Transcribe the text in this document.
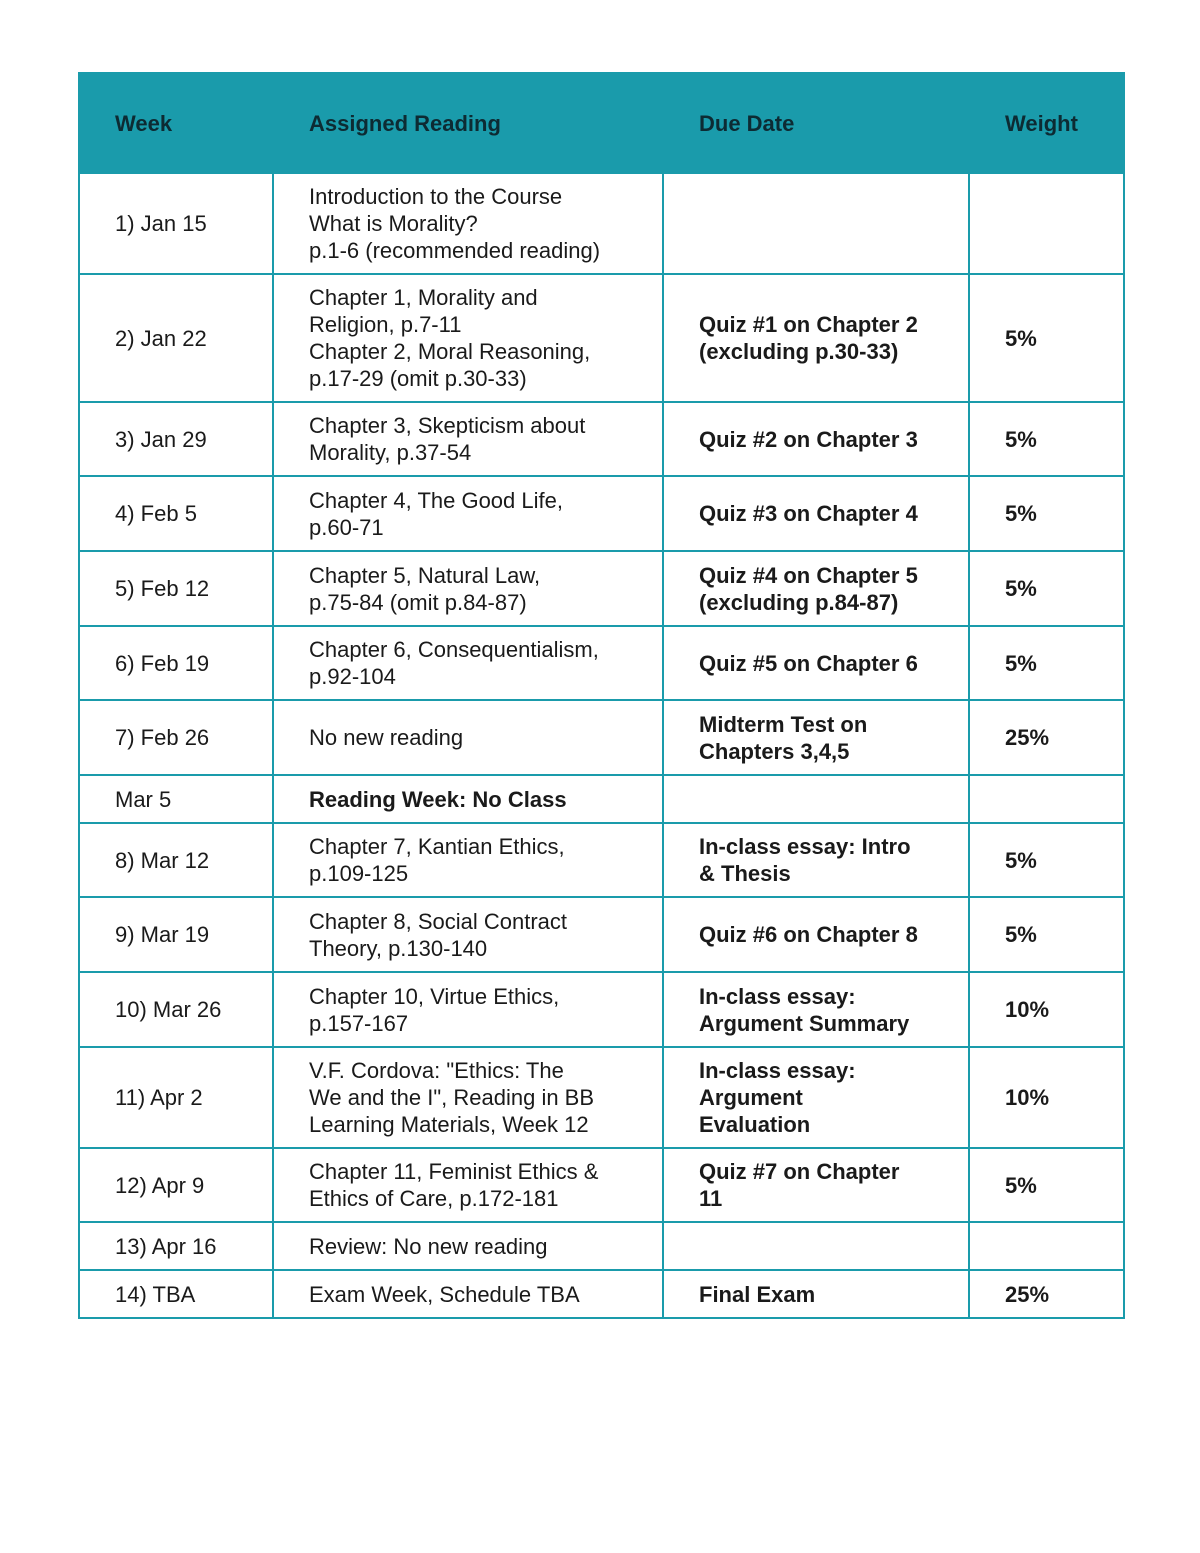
Week	Assigned Reading	Due Date	Weight
1) Jan 15	Introduction to the Course
What is Morality?
p.1-6 (recommended reading)		

2) Jan 22	Chapter 1, Morality and
Religion, p.7-11
Chapter 2, Moral Reasoning,
p.17-29 (omit p.30-33)	Quiz #1 on Chapter 2
(excluding p.30-33)	5%
3) Jan 29	Chapter 3, Skepticism about
Morality, p.37-54	Quiz #2 on Chapter 3	5%
4) Feb 5	Chapter 4, The Good Life,
p.60-71	Quiz #3 on Chapter 4	5%
5) Feb 12	Chapter 5, Natural Law,
p.75-84 (omit p.84-87)	Quiz #4 on Chapter 5
(excluding p.84-87)	5%
6) Feb 19	Chapter 6, Consequentialism,
p.92-104	Quiz #5 on Chapter 6	5%
7) Feb 26	No new reading	Midterm Test on
Chapters 3,4,5	25%
Mar 5	Reading Week: No Class		

8) Mar 12	Chapter 7, Kantian Ethics,
p.109-125	In-class essay: Intro
& Thesis	5%
9) Mar 19	Chapter 8, Social Contract
Theory, p.130-140	Quiz #6 on Chapter 8	5%
10) Mar 26	Chapter 10, Virtue Ethics,
p.157-167	In-class essay:
Argument Summary	10%
11) Apr 2	V.F. Cordova: "Ethics: The
We and the I", Reading in BB
Learning Materials, Week 12	In-class essay:
Argument
Evaluation	10%
12) Apr 9	Chapter 11, Feminist Ethics &
Ethics of Care, p.172-181	Quiz #7 on Chapter
11	5%
13) Apr 16	Review: No new reading		

14) TBA	Exam Week, Schedule TBA	Final Exam	25%
